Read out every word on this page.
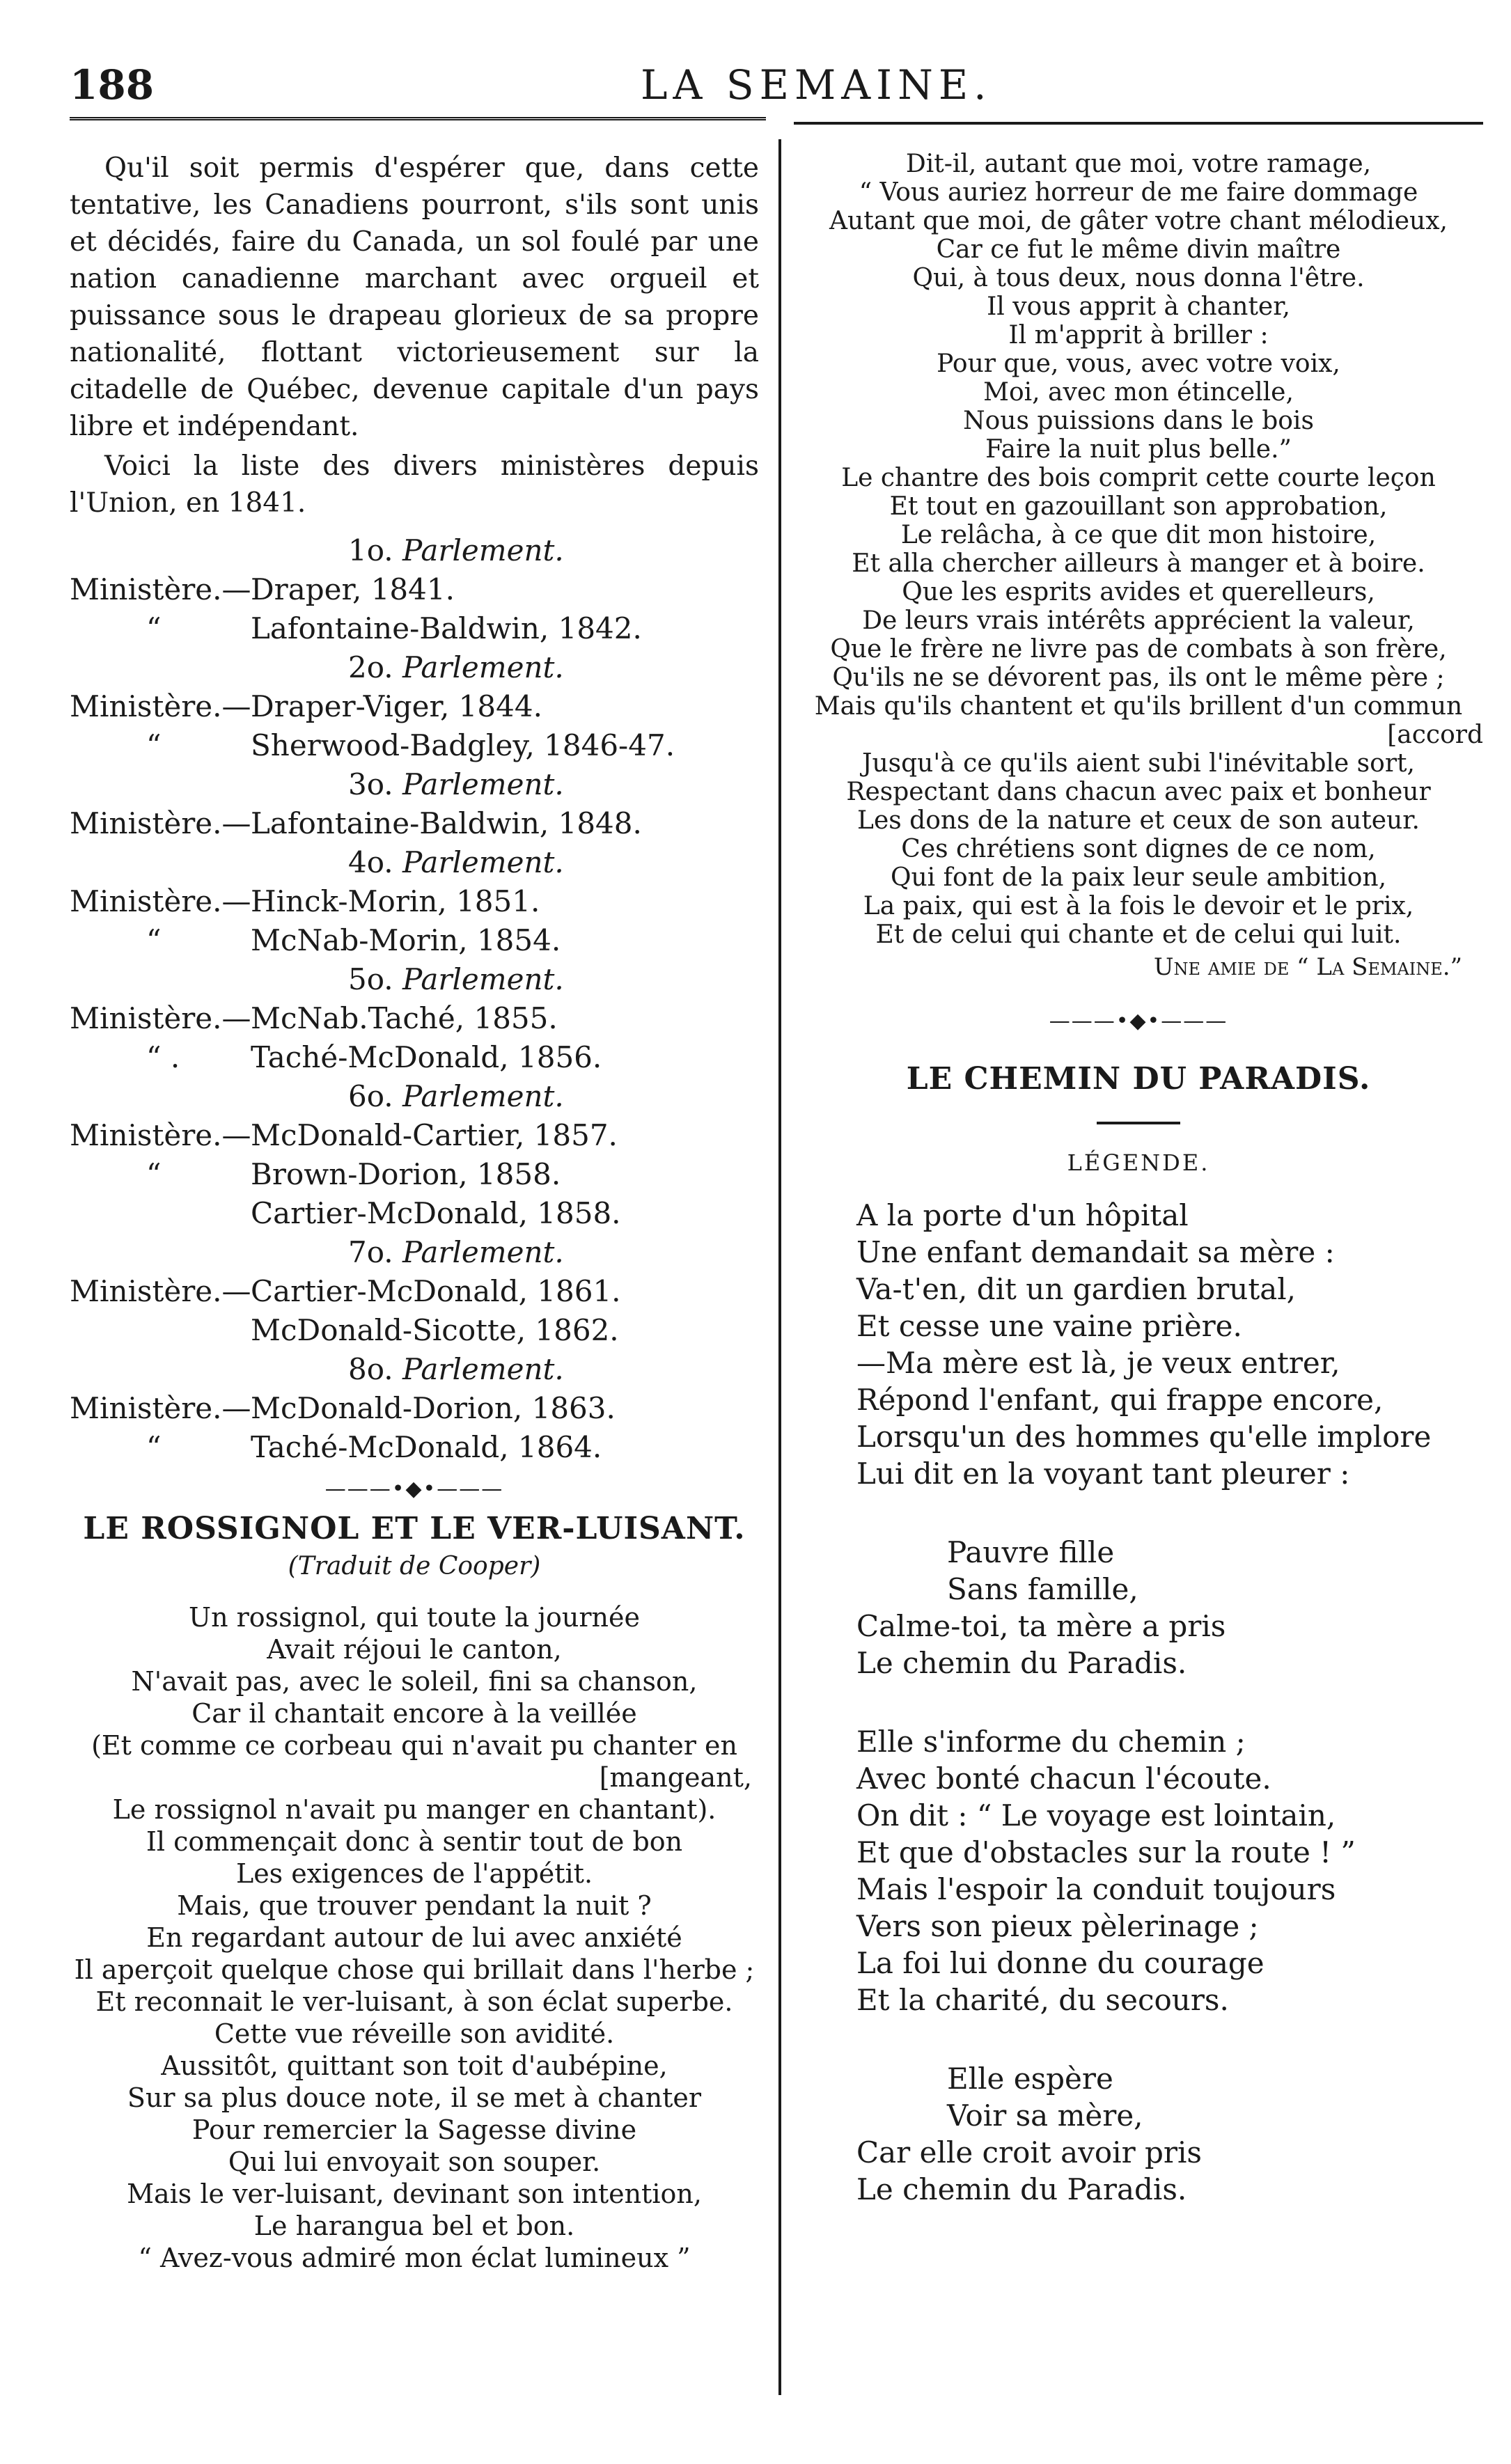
188	LA SEMAINE.

Qu'il soit permis d'espérer que, dans cette tentative, les Canadiens pourront, s'ils sont unis et décidés, faire du Canada, un sol foulé par une nation canadienne marchant avec orgueil et puissance sous le drapeau glorieux de sa propre nationalité, flottant victorieusement sur la citadelle de Québec, devenue capitale d'un pays libre et indépendant.

Voici la liste des divers ministères depuis l'Union, en 1841.

1o. Parlement.
Ministère.—Draper, 1841.
“	Lafontaine-Baldwin, 1842.
2o. Parlement.
Ministère.—Draper-Viger, 1844.
“	Sherwood-Badgley, 1846-47.
3o. Parlement.
Ministère.—Lafontaine-Baldwin, 1848.
4o. Parlement.
Ministère.—Hinck-Morin, 1851.
“	McNab-Morin, 1854.
5o. Parlement.
Ministère.—McNab.Taché, 1855.
“ . Taché-McDonald, 1856.
6o. Parlement.
Ministère.—McDonald-Cartier, 1857.
“	Brown-Dorion, 1858.
Cartier-McDonald, 1858.
7o. Parlement.
Ministère.—Cartier-McDonald, 1861.
McDonald-Sicotte, 1862.
8o. Parlement.
Ministère.—McDonald-Dorion, 1863.
“	Taché-McDonald, 1864.
———•◆•———
LE ROSSIGNOL ET LE VER-LUISANT.
(Traduit de Cooper)
Un rossignol, qui toute la journée
Avait réjoui le canton,
N'avait pas, avec le soleil, fini sa chanson,
Car il chantait encore à la veillée
(Et comme ce corbeau qui n'avait pu chanter en
[mangeant,
Le rossignol n'avait pu manger en chantant).
Il commençait donc à sentir tout de bon
Les exigences de l'appétit.
Mais, que trouver pendant la nuit ?
En regardant autour de lui avec anxiété
Il aperçoit quelque chose qui brillait dans l'herbe ;
Et reconnait le ver-luisant, à son éclat superbe.
Cette vue réveille son avidité.
Aussitôt, quittant son toit d'aubépine,
Sur sa plus douce note, il se met à chanter
Pour remercier la Sagesse divine
Qui lui envoyait son souper.
Mais le ver-luisant, devinant son intention,
Le harangua bel et bon.
“ Avez-vous admiré mon éclat lumineux ”
Dit-il, autant que moi, votre ramage,
“ Vous auriez horreur de me faire dommage
Autant que moi, de gâter votre chant mélodieux,
Car ce fut le même divin maître
Qui, à tous deux, nous donna l'être.
Il vous apprit à chanter,
Il m'apprit à briller :
Pour que, vous, avec votre voix,
Moi, avec mon étincelle,
Nous puissions dans le bois
Faire la nuit plus belle.”
Le chantre des bois comprit cette courte leçon
Et tout en gazouillant son approbation,
Le relâcha, à ce que dit mon histoire,
Et alla chercher ailleurs à manger et à boire.
Que les esprits avides et querelleurs,
De leurs vrais intérêts apprécient la valeur,
Que le frère ne livre pas de combats à son frère,
Qu'ils ne se dévorent pas, ils ont le même père ;
Mais qu'ils chantent et qu'ils brillent d'un commun
[accord
Jusqu'à ce qu'ils aient subi l'inévitable sort,
Respectant dans chacun avec paix et bonheur
Les dons de la nature et ceux de son auteur.
Ces chrétiens sont dignes de ce nom,
Qui font de la paix leur seule ambition,
La paix, qui est à la fois le devoir et le prix,
Et de celui qui chante et de celui qui luit.
Une amie de “ La Semaine.”
———•◆•———
LE CHEMIN DU PARADIS.
LÉGENDE.
A la porte d'un hôpital
Une enfant demandait sa mère :
Va-t'en, dit un gardien brutal,
Et cesse une vaine prière.
—Ma mère est là, je veux entrer,
Répond l'enfant, qui frappe encore,
Lorsqu'un des hommes qu'elle implore
Lui dit en la voyant tant pleurer :
Pauvre fille
Sans famille,
Calme-toi, ta mère a pris
Le chemin du Paradis.
Elle s'informe du chemin ;
Avec bonté chacun l'écoute.
On dit : “ Le voyage est lointain,
Et que d'obstacles sur la route ! ”
Mais l'espoir la conduit toujours
Vers son pieux pèlerinage ;
La foi lui donne du courage
Et la charité, du secours.
Elle espère
Voir sa mère,
Car elle croit avoir pris
Le chemin du Paradis.
